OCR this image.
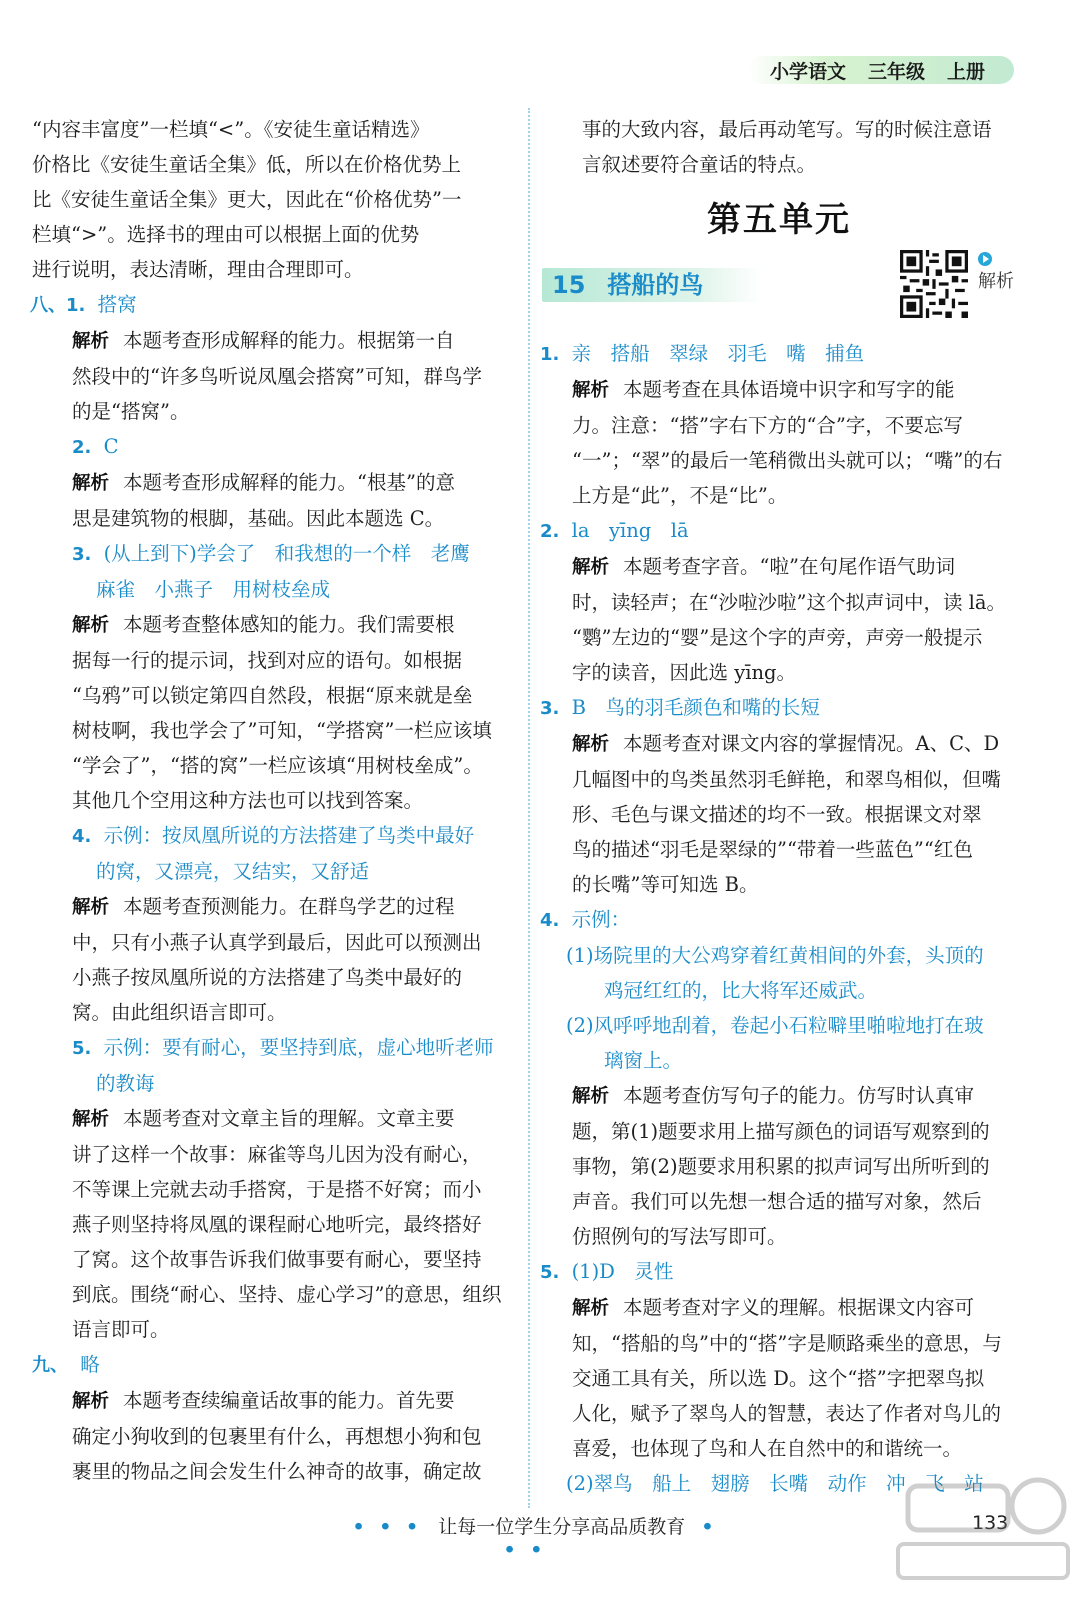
小学语文 三年级 上册

“内容丰富度”一栏填“<”。《安徒生童话精选》

价格比《安徒生童话全集》低，所以在价格优势上

比《安徒生童话全集》更大，因此在“价格优势”一

栏填“>”。选择书的理由可以根据上面的优势

进行说明，表达清晰，理由合理即可。

八、1. 搭窝

解析 本题考查形成解释的能力。根据第一自

然段中的“许多鸟听说凤凰会搭窝”可知，群鸟学

的是“搭窝”。

2. C

解析 本题考查形成解释的能力。“根基”的意

思是建筑物的根脚，基础。因此本题选 C。

3. (从上到下)学会了　和我想的一个样　老鹰

麻雀　小燕子　用树枝垒成

解析 本题考查整体感知的能力。我们需要根

据每一行的提示词，找到对应的语句。如根据

“乌鸦”可以锁定第四自然段，根据“原来就是垒

树枝啊，我也学会了”可知，“学搭窝”一栏应该填

“学会了”，“搭的窝”一栏应该填“用树枝垒成”。

其他几个空用这种方法也可以找到答案。

4. 示例：按凤凰所说的方法搭建了鸟类中最好

的窝，又漂亮，又结实，又舒适

解析 本题考查预测能力。在群鸟学艺的过程

中，只有小燕子认真学到最后，因此可以预测出

小燕子按凤凰所说的方法搭建了鸟类中最好的

窝。由此组织语言即可。

5. 示例：要有耐心，要坚持到底，虚心地听老师

的教诲

解析 本题考查对文章主旨的理解。文章主要

讲了这样一个故事：麻雀等鸟儿因为没有耐心，

不等课上完就去动手搭窝，于是搭不好窝；而小

燕子则坚持将凤凰的课程耐心地听完，最终搭好

了窝。这个故事告诉我们做事要有耐心，要坚持

到底。围绕“耐心、坚持、虚心学习”的意思，组织

语言即可。

九、 略

解析 本题考查续编童话故事的能力。首先要

确定小狗收到的包裹里有什么，再想想小狗和包

裹里的物品之间会发生什么神奇的故事，确定故

事的大致内容，最后再动笔写。写的时候注意语

言叙述要符合童话的特点。

第五单元
15 搭船的鸟	解析

1. 亲　搭船　翠绿　羽毛　嘴　捕鱼

解析 本题考查在具体语境中识字和写字的能

力。注意：“搭”字右下方的“合”字，不要忘写

“一”；“翠”的最后一笔稍微出头就可以；“嘴”的右

上方是“此”，不是“比”。

2. la　yīng　lā

解析 本题考查字音。“啦”在句尾作语气助词

时，读轻声；在“沙啦沙啦”这个拟声词中，读 lā。

“鹦”左边的“婴”是这个字的声旁，声旁一般提示

字的读音，因此选 yīng。

3. B　鸟的羽毛颜色和嘴的长短

解析 本题考查对课文内容的掌握情况。A、C、D

几幅图中的鸟类虽然羽毛鲜艳，和翠鸟相似，但嘴

形、毛色与课文描述的均不一致。根据课文对翠

鸟的描述“羽毛是翠绿的”“带着一些蓝色”“红色

的长嘴”等可知选 B。

4. 示例：

(1)场院里的大公鸡穿着红黄相间的外套，头顶的

鸡冠红红的，比大将军还威武。

(2)风呼呼地刮着，卷起小石粒噼里啪啦地打在玻

璃窗上。

解析 本题考查仿写句子的能力。仿写时认真审

题，第(1)题要求用上描写颜色的词语写观察到的

事物，第(2)题要求用积累的拟声词写出所听到的

声音。我们可以先想一想合适的描写对象，然后

仿照例句的写法写即可。

5. (1)D　灵性

解析 本题考查对字义的理解。根据课文内容可

知，“搭船的鸟”中的“搭”字是顺路乘坐的意思，与

交通工具有关，所以选 D。这个“搭”字把翠鸟拟

人化，赋予了翠鸟人的智慧，表达了作者对鸟儿的

喜爱，也体现了鸟和人在自然中的和谐统一。

(2)翠鸟　船上　翅膀　长嘴　动作　冲　飞　站

• • • 让每一位学生分享高品质教育 • • •
133
